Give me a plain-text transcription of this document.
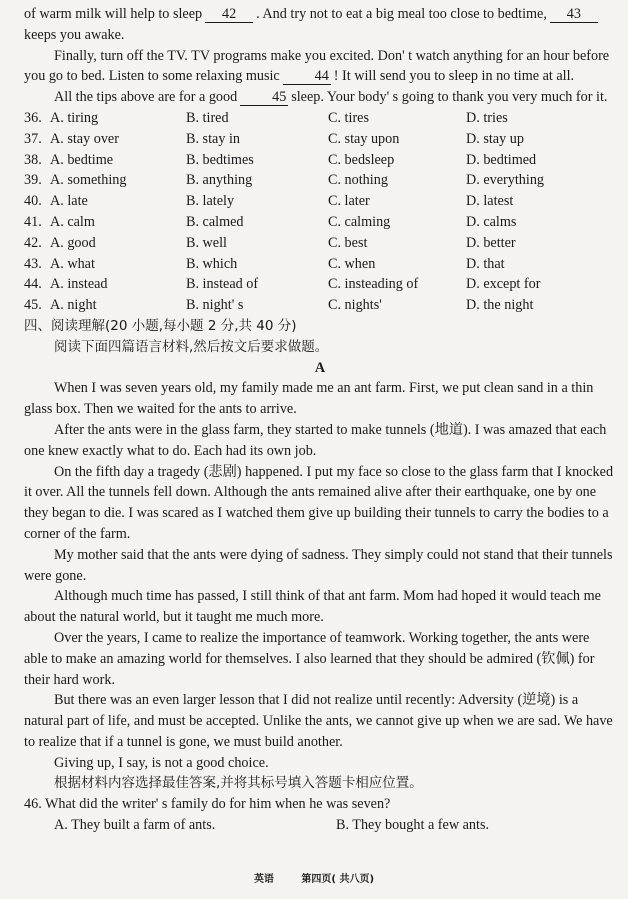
of warm milk will help to sleep 42 . And try not to eat a big meal too close to bedtime, 43

keeps you awake.

Finally, turn off the TV. TV programs make you excited. Don' t watch anything for an hour before you go to bed. Listen to some relaxing music 44 ! It will send you to sleep in no time at all.

All the tips above are for a good 45 sleep. Your body' s going to thank you very much for it.

36. A. tiring	B. tired	C. tires	D. tries
37. A. stay over	B. stay in	C. stay upon	D. stay up
38. A. bedtime	B. bedtimes	C. bedsleep	D. bedtimed
39. A. something	B. anything	C. nothing	D. everything
40. A. late	B. lately	C. later	D. latest
41. A. calm	B. calmed	C. calming	D. calms
42. A. good	B. well	C. best	D. better
43. A. what	B. which	C. when	D. that
44. A. instead	B. instead of	C. insteading of	D. except for
45. A. night	B. night' s	C. nights'	D. the night

四、阅读理解(20 小题,每小题 2 分,共 40 分)

阅读下面四篇语言材料,然后按文后要求做题。

A

When I was seven years old, my family made me an ant farm. First, we put clean sand in a thin glass box. Then we waited for the ants to arrive.

After the ants were in the glass farm, they started to make tunnels (地道). I was amazed that each one knew exactly what to do. Each had its own job.

On the fifth day a tragedy (悲剧) happened. I put my face so close to the glass farm that I knocked it over. All the tunnels fell down. Although the ants remained alive after their earthquake, one by one they began to die. I was scared as I watched them give up building their tunnels to carry the bodies to a corner of the farm.

My mother said that the ants were dying of sadness. They simply could not stand that their tunnels were gone.

Although much time has passed, I still think of that ant farm. Mom had hoped it would teach me about the natural world, but it taught me much more.

Over the years, I came to realize the importance of teamwork. Working together, the ants were able to make an amazing world for themselves. I also learned that they should be admired (钦佩) for their hard work.

But there was an even larger lesson that I did not realize until recently: Adversity (逆境) is a natural part of life, and must be accepted. Unlike the ants, we cannot give up when we are sad. We have to realize that if a tunnel is gone, we must build another.

Giving up, I say, is not a good choice.

根据材料内容选择最佳答案,并将其标号填入答题卡相应位置。

46. What did the writer' s family do for him when he was seven?

A. They built a farm of ants.	B. They bought a few ants.
英语	第四页( 共八页)
